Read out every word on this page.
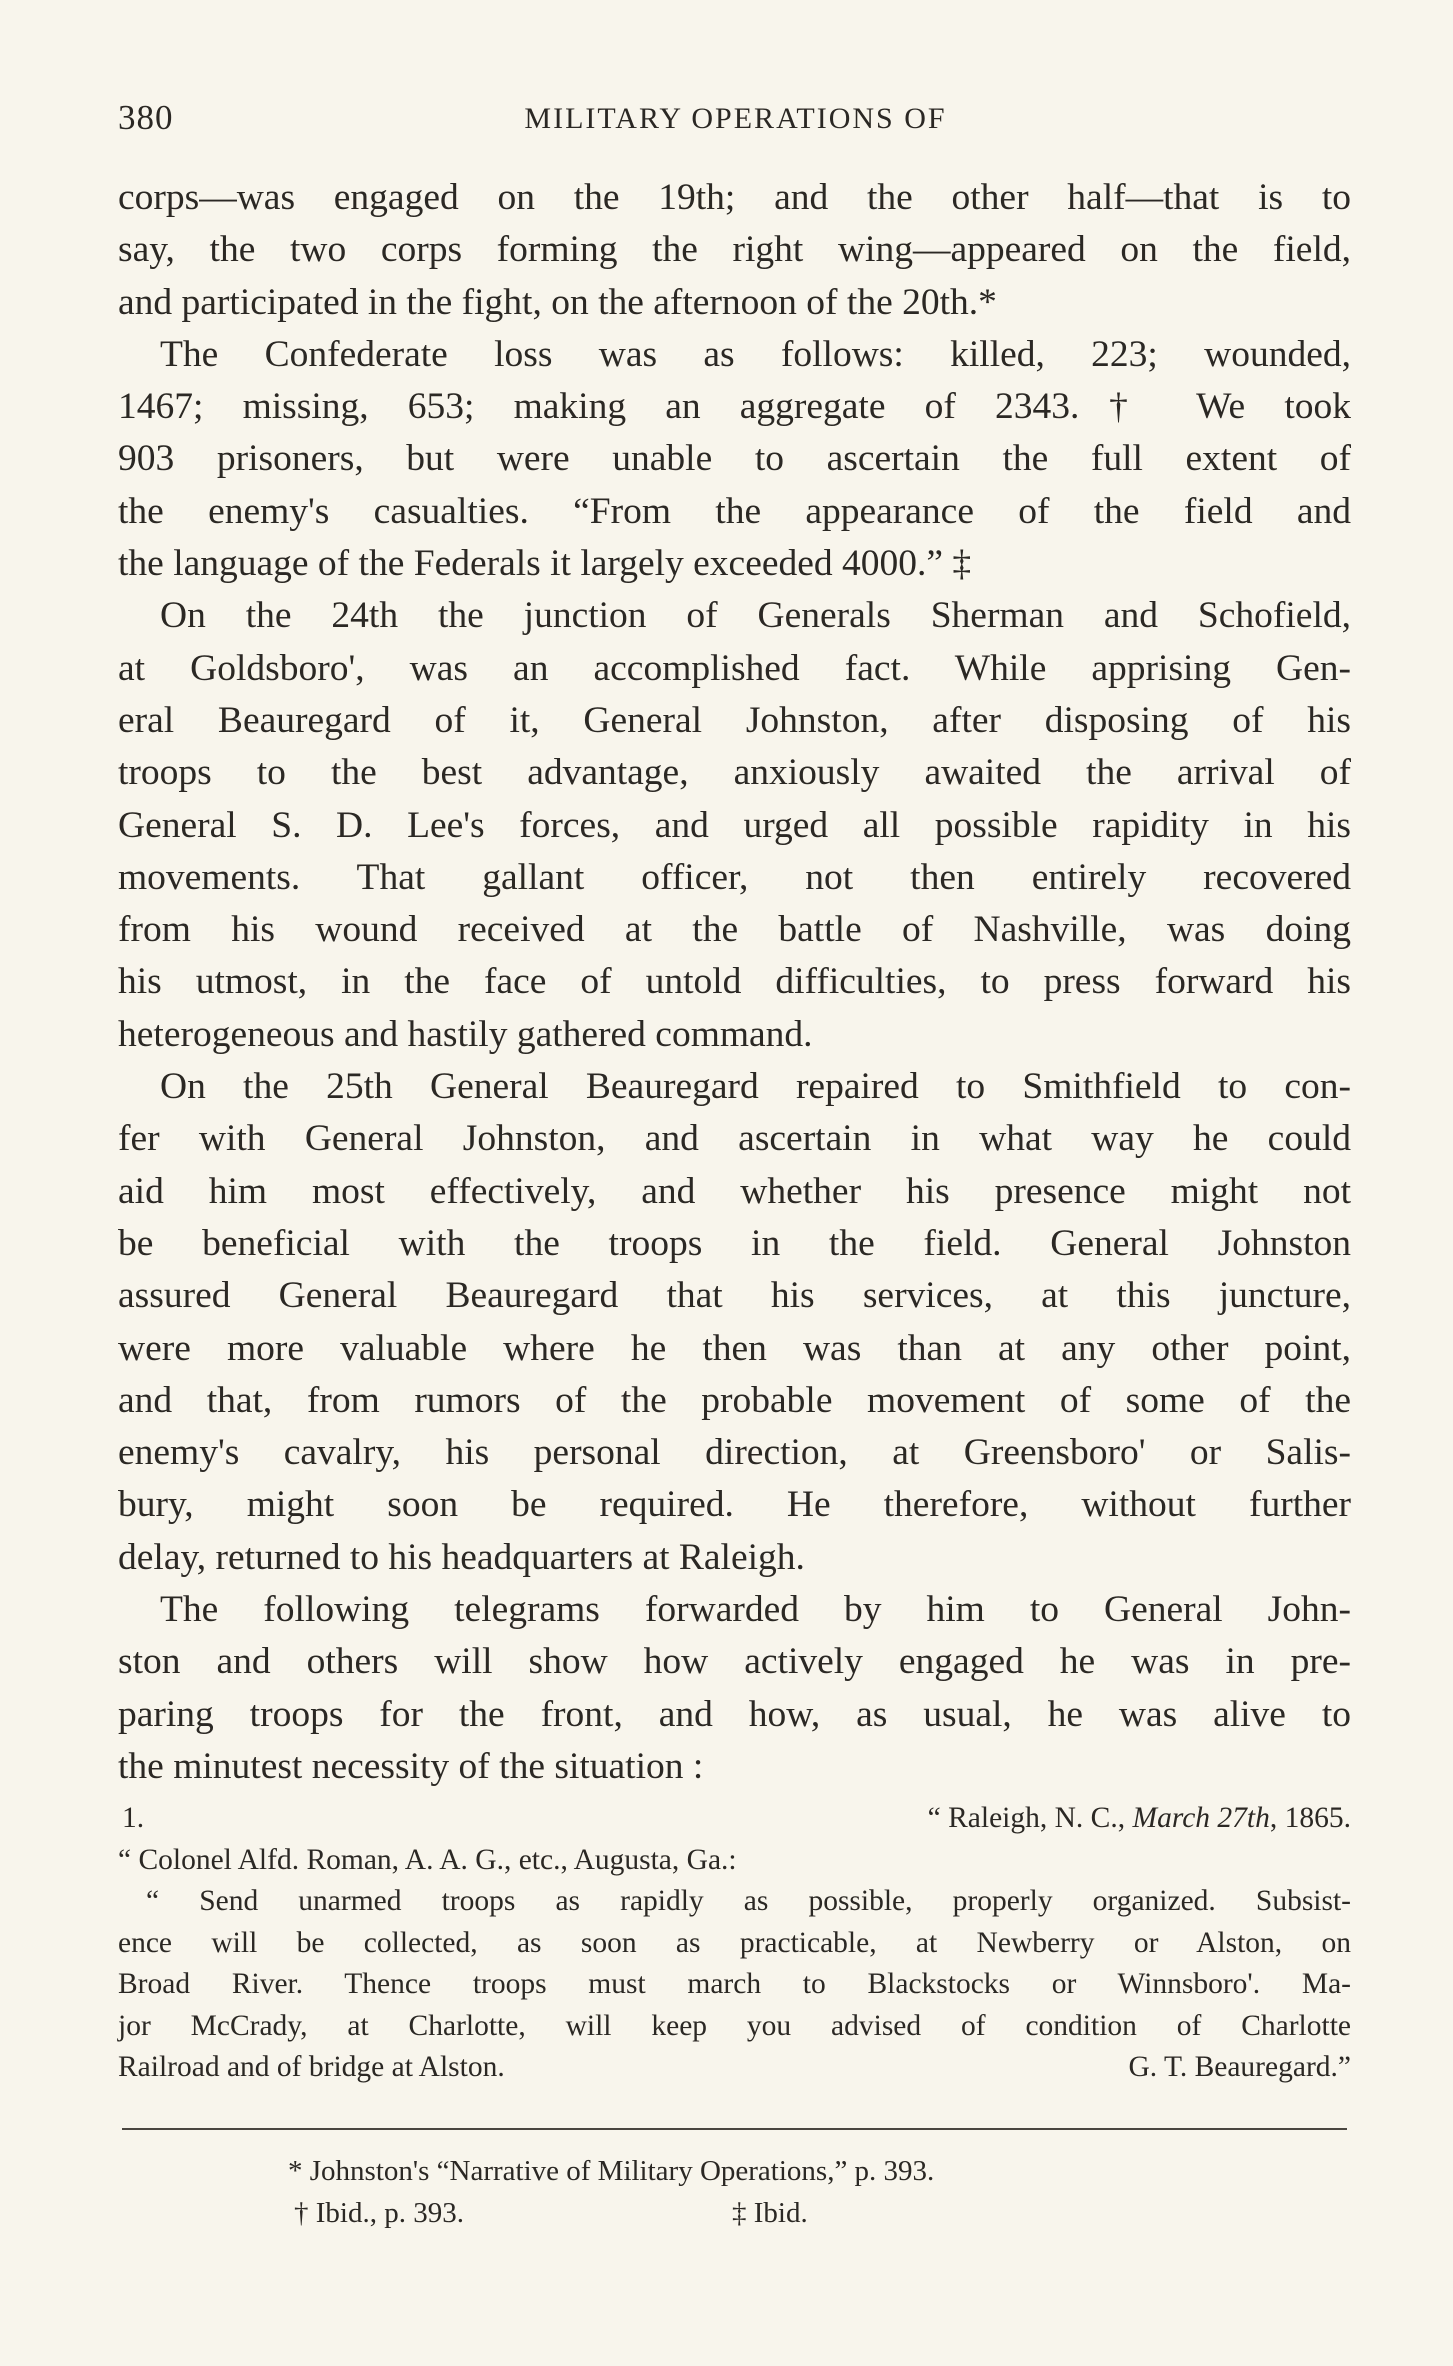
380	MILITARY OPERATIONS OF
corps—was engaged on the 19th; and the other half—that is to
say, the two corps forming the right wing—appeared on the field,
and participated in the fight, on the afternoon of the 20th.*
The Confederate loss was as follows: killed, 223; wounded,
1467; missing, 653; making an aggregate of 2343.† We took
903 prisoners, but were unable to ascertain the full extent of
the enemy's casualties. “From the appearance of the field and
the language of the Federals it largely exceeded 4000.” ‡
On the 24th the junction of Generals Sherman and Schofield,
at Goldsboro', was an accomplished fact. While apprising Gen-
eral Beauregard of it, General Johnston, after disposing of his
troops to the best advantage, anxiously awaited the arrival of
General S. D. Lee's forces, and urged all possible rapidity in his
movements. That gallant officer, not then entirely recovered
from his wound received at the battle of Nashville, was doing
his utmost, in the face of untold difficulties, to press forward his
heterogeneous and hastily gathered command.
On the 25th General Beauregard repaired to Smithfield to con-
fer with General Johnston, and ascertain in what way he could
aid him most effectively, and whether his presence might not
be beneficial with the troops in the field. General Johnston
assured General Beauregard that his services, at this juncture,
were more valuable where he then was than at any other point,
and that, from rumors of the probable movement of some of the
enemy's cavalry, his personal direction, at Greensboro' or Salis-
bury, might soon be required. He therefore, without further
delay, returned to his headquarters at Raleigh.
The following telegrams forwarded by him to General John-
ston and others will show how actively engaged he was in pre-
paring troops for the front, and how, as usual, he was alive to
the minutest necessity of the situation :
1.	“ Raleigh, N. C., March 27th, 1865.
“ Colonel Alfd. Roman, A. A. G., etc., Augusta, Ga.:
“ Send unarmed troops as rapidly as possible, properly organized. Subsist-
ence will be collected, as soon as practicable, at Newberry or Alston, on
Broad River. Thence troops must march to Blackstocks or Winnsboro'. Ma-
jor McCrady, at Charlotte, will keep you advised of condition of Charlotte
Railroad and of bridge at Alston.	G. T. Beauregard.”
* Johnston's “Narrative of Military Operations,” p. 393.
† Ibid., p. 393.	‡ Ibid.
